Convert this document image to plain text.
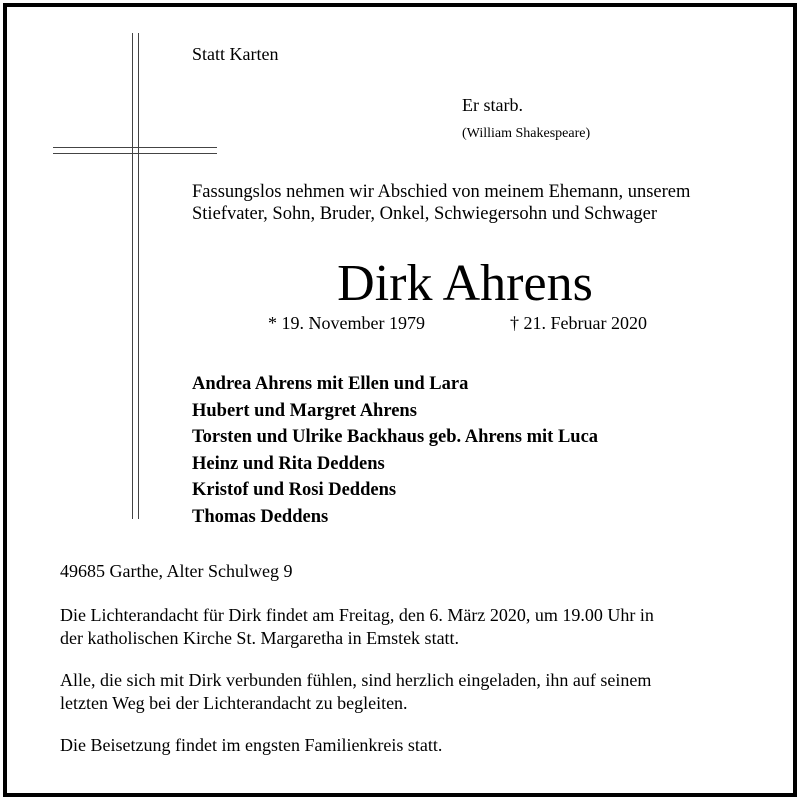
Statt Karten
Er starb.
(William Shakespeare)
Fassungslos nehmen wir Abschied von meinem Ehemann, unserem
Stiefvater, Sohn, Bruder, Onkel, Schwiegersohn und Schwager
Dirk Ahrens
* 19. November 1979	† 21. Februar 2020
Andrea Ahrens mit Ellen und Lara
Hubert und Margret Ahrens
Torsten und Ulrike Backhaus geb. Ahrens mit Luca
Heinz und Rita Deddens
Kristof und Rosi Deddens
Thomas Deddens
49685 Garthe, Alter Schulweg 9

Die Lichterandacht für Dirk findet am Freitag, den 6. März 2020, um 19.00 Uhr in
der katholischen Kirche St. Margaretha in Emstek statt.

Alle, die sich mit Dirk verbunden fühlen, sind herzlich eingeladen, ihn auf seinem
letzten Weg bei der Lichterandacht zu begleiten.

Die Beisetzung findet im engsten Familienkreis statt.
